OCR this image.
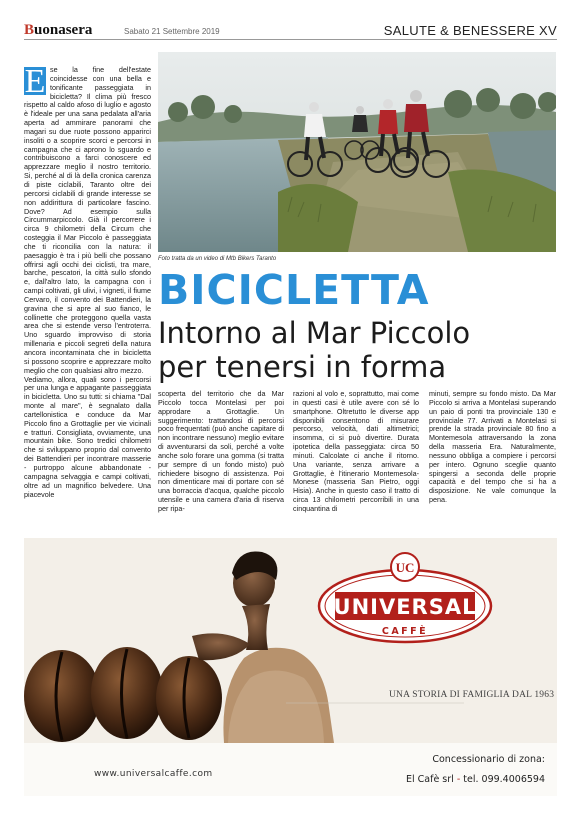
Buonasera	Sabato 21 Settembre 2019	SALUTE & BENESSERE XV
E se la fine dell'estate coincidesse con una bella e tonificante passeggiata in bicicletta? Il clima più fresco rispetto al caldo afoso di luglio e agosto è l'ideale per una sana pedalata all'aria aperta ad ammirare panorami che magari su due ruote possono apparirci insoliti o a scoprire scorci e percorsi in campagna che ci aprono lo sguardo e contribuiscono a farci conoscere ed apprezzare meglio il nostro territorio. Si, perché al di là della cronica carenza di piste ciclabili, Taranto oltre dei percorsi ciclabili di grande interesse se non addirittura di particolare fascino. Dove? Ad esempio sulla Circummarpiccolo. Già il percorrere i circa 9 chilometri della Circum che costeggia il Mar Piccolo è passeggiata che ti riconcilia con la natura: il paesaggio è tra i più belli che possano offrirsi agli occhi dei ciclisti, tra mare, barche, pescatori, la città sullo sfondo e, dall'altro lato, la campagna con i campi coltivati, gli ulivi, i vigneti, il fiume Cervaro, il convento dei Battendieri, la gravina che si apre al suo fianco, le collinette che proteggono quella vasta area che si estende verso l'entroterra. Uno sguardo improvviso di storia millenaria e piccoli segreti della natura ancora incontaminata che in bicicletta si possono scoprire e apprezzare molto meglio che con qualsiasi altro mezzo.

Vediamo, allora, quali sono i percorsi per una lunga e appagante passeggiata in bicicletta. Uno su tutti: si chiama "Dal monte al mare", è segnalato dalla cartellonistica e conduce da Mar Piccolo fino a Grottaglie per vie vicinali e tratturi. Consigliata, ovviamente, una mountain bike. Sono tredici chilometri che si sviluppano proprio dal convento dei Battendieri per incontrare masserie - purtroppo alcune abbandonate - campagna selvaggia e campi coltivati, oltre ad un magnifico belvedere. Una piacevole

Foto tratta da un video di Mtb Bikers Taranto
BICICLETTA
Intorno al Mar Piccolo
per tenersi in forma
scoperta del territorio che da Mar Piccolo tocca Montelasi per poi approdare a Grottaglie. Un suggerimento: trattandosi di percorsi poco frequentati (può anche capitare di non incontrare nessuno) meglio evitare di avventurarsi da soli, perché a volte anche solo forare una gomma (si tratta pur sempre di un fondo misto) può richiedere bisogno di assistenza. Poi non dimenticare mai di portare con sé una borraccia d'acqua, qualche piccolo utensile e una camera d'aria di riserva per ripa-
razioni al volo e, soprattutto, mai come in questi casi è utile avere con sé lo smartphone. Oltretutto le diverse app disponibili consentono di misurare percorso, velocità, dati altimetrici; insomma, ci si può divertire. Durata ipotetica della passeggiata: circa 50 minuti. Calcolate ci anche il ritorno. Una variante, senza arrivare a Grottaglie, è l'itinerario Montemesola-Monese (masseria San Pietro, oggi Hisia). Anche in questo caso il tratto di circa 13 chilometri percorribili in una cinquantina di
minuti, sempre su fondo misto. Da Mar Piccolo si arriva a Montelasi superando un paio di ponti tra provinciale 130 e provinciale 77. Arrivati a Montelasi si prende la strada provinciale 80 fino a Montemesola attraversando la zona della masseria Era. Naturalmente, nessuno obbliga a compiere i percorsi per intero. Ognuno sceglie quanto spingersi a seconda delle proprie capacità e del tempo che si ha a disposizione. Ne vale comunque la pena.
UC
UNIVERSAL
CAFFÈ
UNA STORIA DI FAMIGLIA DAL 1963
www.universalcaffe.com
Concessionario di zona:
El Cafè srl - tel. 099.4006594
